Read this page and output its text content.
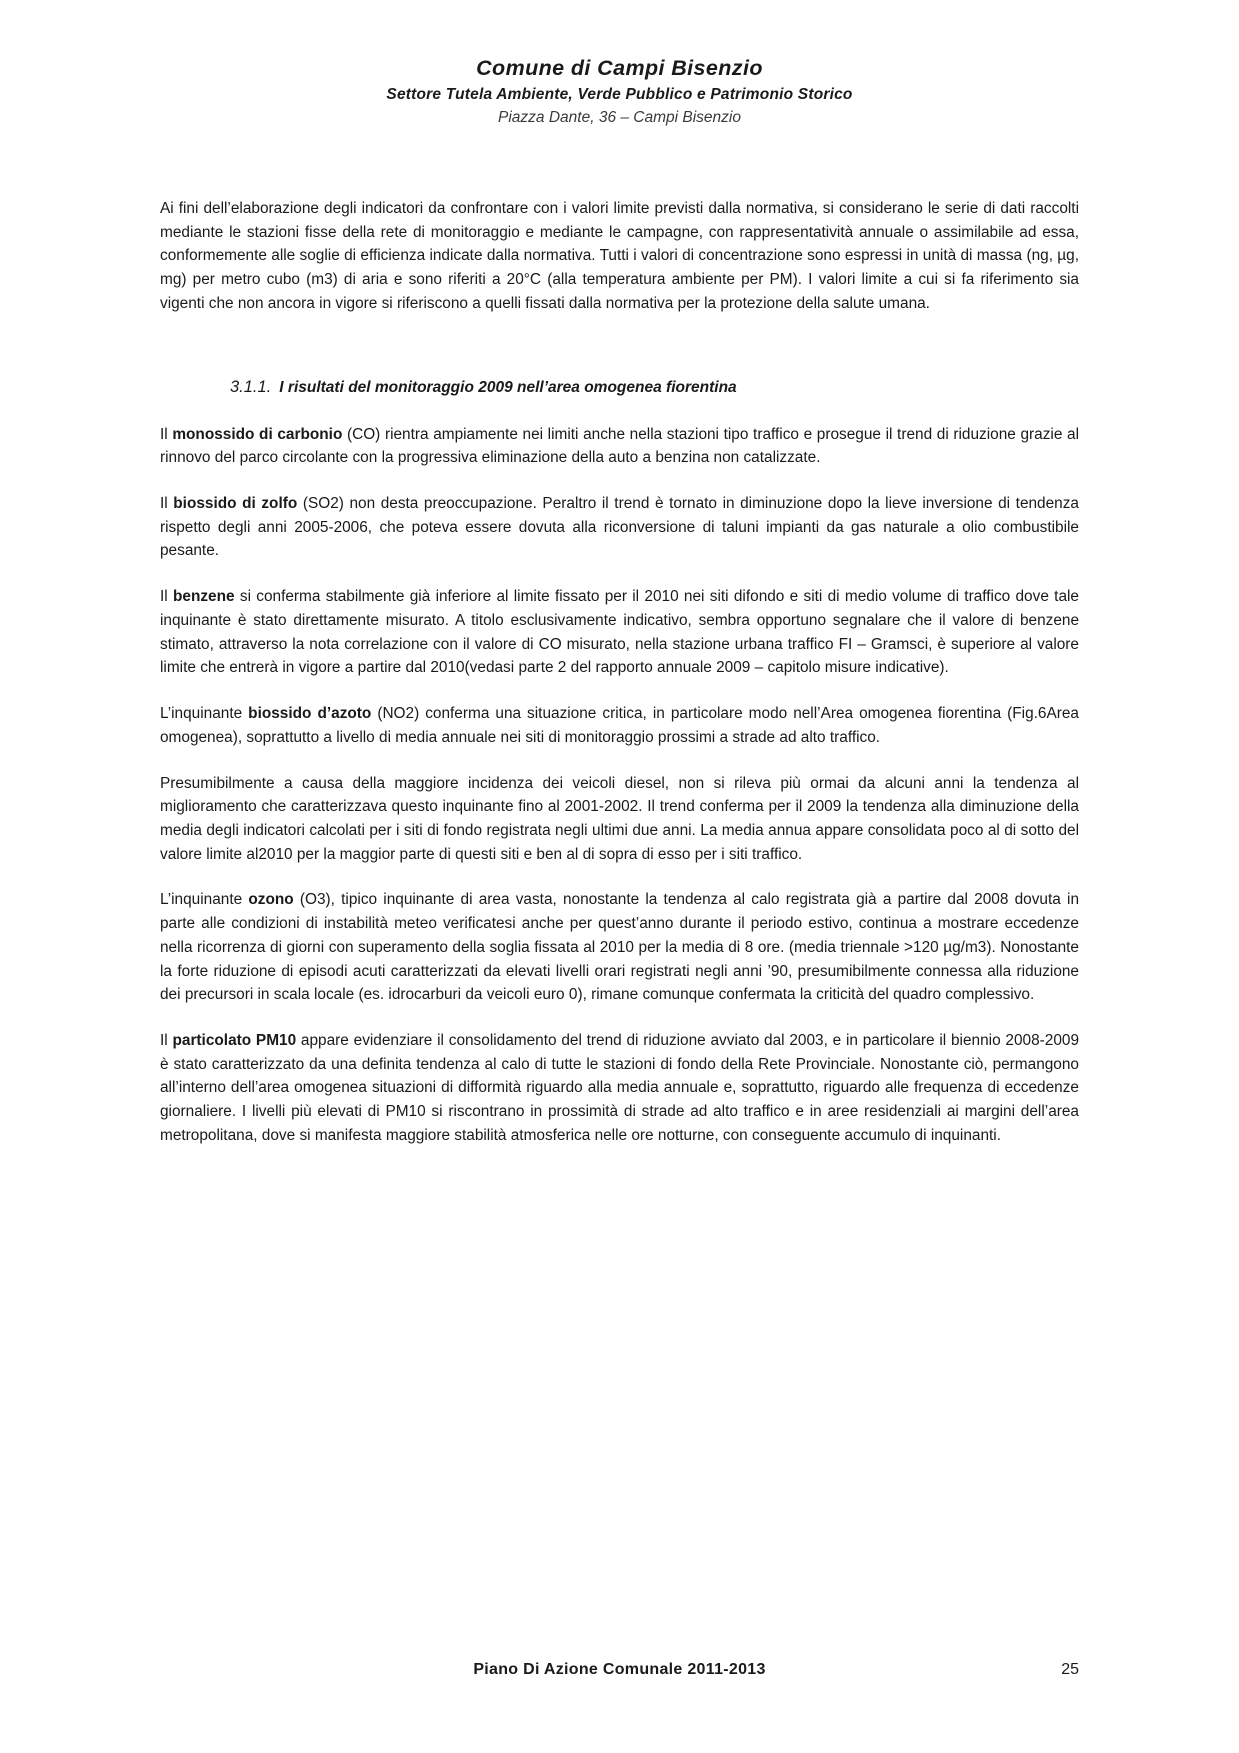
Comune di Campi Bisenzio
Settore Tutela Ambiente, Verde Pubblico e Patrimonio Storico
Piazza Dante, 36 – Campi Bisenzio

Ai fini dell’elaborazione degli indicatori da confrontare con i valori limite previsti dalla normativa, si considerano le serie di dati raccolti mediante le stazioni fisse della rete di monitoraggio e mediante le campagne, con rappresentatività annuale o assimilabile ad essa, conformemente alle soglie di efficienza indicate dalla normativa. Tutti i valori di concentrazione sono espressi in unità di massa (ng, µg, mg) per metro cubo (m3) di aria e sono riferiti a 20°C (alla temperatura ambiente per PM). I valori limite a cui si fa riferimento sia vigenti che non ancora in vigore si riferiscono a quelli fissati dalla normativa per la protezione della salute umana.

3.1.1. I risultati del monitoraggio 2009 nell’area omogenea fiorentina

Il monossido di carbonio (CO) rientra ampiamente nei limiti anche nella stazioni tipo traffico e prosegue il trend di riduzione grazie al rinnovo del parco circolante con la progressiva eliminazione della auto a benzina non catalizzate.

Il biossido di zolfo (SO2) non desta preoccupazione. Peraltro il trend è tornato in diminuzione dopo la lieve inversione di tendenza rispetto degli anni 2005-2006, che poteva essere dovuta alla riconversione di taluni impianti da gas naturale a olio combustibile pesante.

Il benzene si conferma stabilmente già inferiore al limite fissato per il 2010 nei siti difondo e siti di medio volume di traffico dove tale inquinante è stato direttamente misurato. A titolo esclusivamente indicativo, sembra opportuno segnalare che il valore di benzene stimato, attraverso la nota correlazione con il valore di CO misurato, nella stazione urbana traffico FI – Gramsci, è superiore al valore limite che entrerà in vigore a partire dal 2010(vedasi parte 2 del rapporto annuale 2009 – capitolo misure indicative).

L’inquinante biossido d’azoto (NO2) conferma una situazione critica, in particolare modo nell’Area omogenea fiorentina (Fig.6Area omogenea), soprattutto a livello di media annuale nei siti di monitoraggio prossimi a strade ad alto traffico.

Presumibilmente a causa della maggiore incidenza dei veicoli diesel, non si rileva più ormai da alcuni anni la tendenza al miglioramento che caratterizzava questo inquinante fino al 2001-2002. Il trend conferma per il 2009 la tendenza alla diminuzione della media degli indicatori calcolati per i siti di fondo registrata negli ultimi due anni. La media annua appare consolidata poco al di sotto del valore limite al2010 per la maggior parte di questi siti e ben al di sopra di esso per i siti traffico.

L’inquinante ozono (O3), tipico inquinante di area vasta, nonostante la tendenza al calo registrata già a partire dal 2008 dovuta in parte alle condizioni di instabilità meteo verificatesi anche per quest’anno durante il periodo estivo, continua a mostrare eccedenze nella ricorrenza di giorni con superamento della soglia fissata al 2010 per la media di 8 ore. (media triennale >120 µg/m3). Nonostante la forte riduzione di episodi acuti caratterizzati da elevati livelli orari registrati negli anni ’90, presumibilmente connessa alla riduzione dei precursori in scala locale (es. idrocarburi da veicoli euro 0), rimane comunque confermata la criticità del quadro complessivo.

Il particolato PM10 appare evidenziare il consolidamento del trend di riduzione avviato dal 2003, e in particolare il biennio 2008-2009 è stato caratterizzato da una definita tendenza al calo di tutte le stazioni di fondo della Rete Provinciale. Nonostante ciò, permangono all’interno dell’area omogenea situazioni di difformità riguardo alla media annuale e, soprattutto, riguardo alle frequenza di eccedenze giornaliere. I livelli più elevati di PM10 si riscontrano in prossimità di strade ad alto traffico e in aree residenziali ai margini dell’area metropolitana, dove si manifesta maggiore stabilità atmosferica nelle ore notturne, con conseguente accumulo di inquinanti.

Piano Di Azione Comunale 2011-2013	25
